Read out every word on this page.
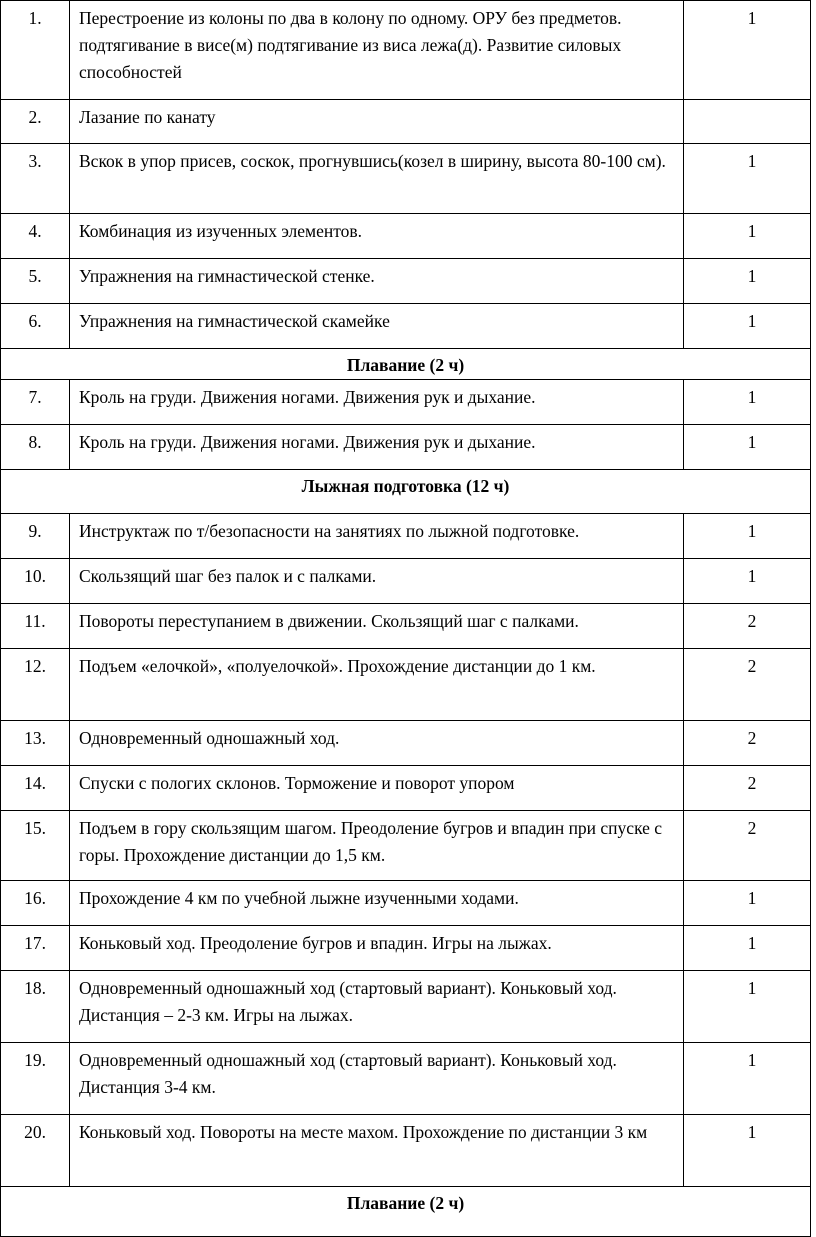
1.	Перестроение из колоны по два в колону по одному. ОРУ без предметов. подтягивание в висе(м) подтягивание из виса лежа(д). Развитие силовых способностей	1
2.	Лазание по канату	
3.	Вскок в упор присев, соскок, прогнувшись(козел в ширину, высота 80-100 см).	1
4.	Комбинация из изученных элементов.	1
5.	Упражнения на гимнастической стенке.	1
6.	Упражнения на гимнастической скамейке	1
Плавание (2 ч)		
7.	Кроль на груди. Движения ногами. Движения рук и дыхание.	1
8.	Кроль на груди. Движения ногами. Движения рук и дыхание.	1
Лыжная подготовка (12 ч)		
9.	Инструктаж по т/безопасности на занятиях по лыжной подготовке.	1
10.	Скользящий шаг без палок и с палками.	1
11.	Повороты переступанием в движении. Скользящий шаг с палками.	2
12.	Подъем «елочкой», «полуелочкой». Прохождение дистанции до 1 км.	2
13.	Одновременный одношажный ход.	2
14.	Спуски с пологих склонов. Торможение и поворот упором	2
15.	Подъем в гору скользящим шагом. Преодоление бугров и впадин при спуске с горы. Прохождение дистанции до 1,5 км.	2
16.	Прохождение 4 км по учебной лыжне изученными ходами.	1
17.	Коньковый ход. Преодоление бугров и впадин. Игры на лыжах.	1
18.	Одновременный одношажный ход (стартовый вариант). Коньковый ход. Дистанция – 2-3 км. Игры на лыжах.	1
19.	Одновременный одношажный ход (стартовый вариант). Коньковый ход. Дистанция 3-4 км.	1
20.	Коньковый ход. Повороты на месте махом. Прохождение по дистанции 3 км	1
Плавание (2 ч)		
